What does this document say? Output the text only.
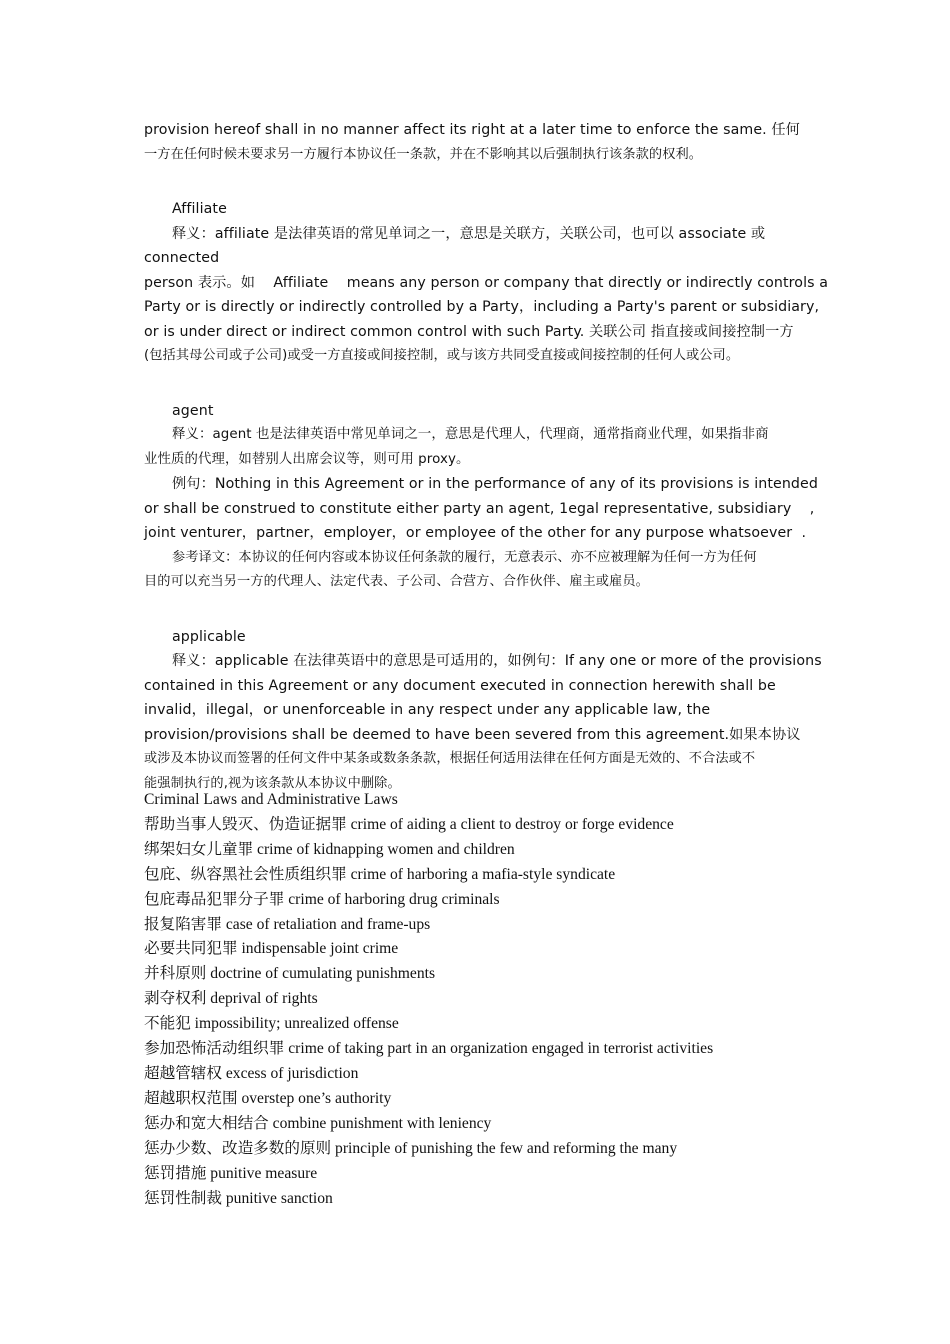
provision hereof shall in no manner affect its right at a later time to enforce the same. 任何

一方在任何时候未要求另一方履行本协议任一条款，并在不影响其以后强制执行该条款的权利。

Affiliate

释义：affiliate 是法律英语的常见单词之一，意思是关联方，关联公司，也可以 associate 或 connected

person 表示。如    Affiliate    means any person or company that directly or indirectly controls a

Party or is directly or indirectly controlled by a Party，including a Party's parent or subsidiary,

or is under direct or indirect common control with such Party. 关联公司 指直接或间接控制一方

(包括其母公司或子公司)或受一方直接或间接控制，或与该方共同受直接或间接控制的任何人或公司。

agent

释义：agent 也是法律英语中常见单词之一，意思是代理人，代理商，通常指商业代理，如果指非商

业性质的代理，如替别人出席会议等，则可用 proxy。

例句：Nothing in this Agreement or in the performance of any of its provisions is intended

or shall be construed to constitute either party an agent, 1egal representative, subsidiary    ,

joint venturer，partner，employer，or employee of the other for any purpose whatsoever  .

参考译文：本协议的任何内容或本协议任何条款的履行，无意表示、亦不应被理解为任何一方为任何

目的可以充当另一方的代理人、法定代表、子公司、合营方、合作伙伴、雇主或雇员。

applicable

释义：applicable 在法律英语中的意思是可适用的，如例句：If any one or more of the provisions

contained in this Agreement or any document executed in connection herewith shall be

invalid，illegal，or unenforceable in any respect under any applicable law, the

provision/provisions shall be deemed to have been severed from this agreement.如果本协议

或涉及本协议而签署的任何文件中某条或数条条款，根据任何适用法律在任何方面是无效的、不合法或不

能强制执行的,视为该条款从本协议中删除。

Criminal Laws and Administrative Laws
帮助当事人毁灭、伪造证据罪 crime of aiding a client to destroy or forge evidence
绑架妇女儿童罪 crime of kidnapping women and children
包庇、纵容黑社会性质组织罪 crime of harboring a mafia-style syndicate
包庇毒品犯罪分子罪 crime of harboring drug criminals
报复陷害罪 case of retaliation and frame-ups
必要共同犯罪 indispensable joint crime
并科原则 doctrine of cumulating punishments
剥夺权利 deprival of rights
不能犯 impossibility; unrealized offense
参加恐怖活动组织罪 crime of taking part in an organization engaged in terrorist activities
超越管辖权 excess of jurisdiction
超越职权范围 overstep one’s authority
惩办和宽大相结合 combine punishment with leniency
惩办少数、改造多数的原则 principle of punishing the few and reforming the many
惩罚措施 punitive measure
惩罚性制裁 punitive sanction
